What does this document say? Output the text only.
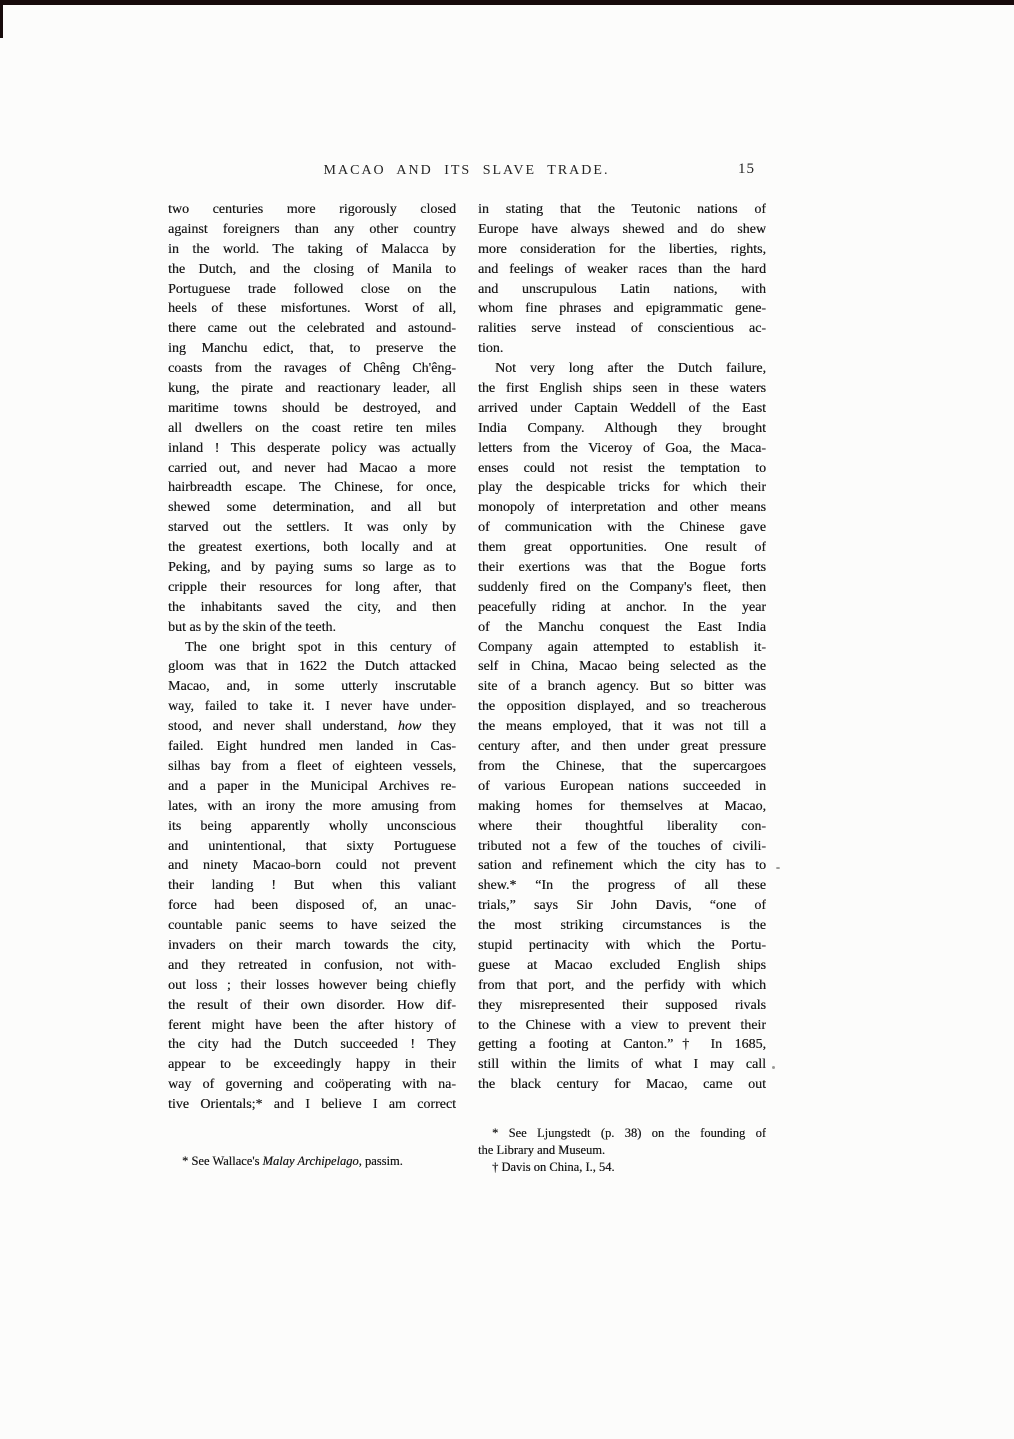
MACAO AND ITS SLAVE TRADE.	15
two centuries more rigorously closed
against foreigners than any other country
in the world. The taking of Malacca by
the Dutch, and the closing of Manila to
Portuguese trade followed close on the
heels of these misfortunes. Worst of all,
there came out the celebrated and astound-
ing Manchu edict, that, to preserve the
coasts from the ravages of Chêng Ch'êng-
kung, the pirate and reactionary leader, all
maritime towns should be destroyed, and
all dwellers on the coast retire ten miles
inland ! This desperate policy was actually
carried out, and never had Macao a more
hairbreadth escape. The Chinese, for once,
shewed some determination, and all but
starved out the settlers. It was only by
the greatest exertions, both locally and at
Peking, and by paying sums so large as to
cripple their resources for long after, that
the inhabitants saved the city, and then
but as by the skin of the teeth.
The one bright spot in this century of
gloom was that in 1622 the Dutch attacked
Macao, and, in some utterly inscrutable
way, failed to take it. I never have under-
stood, and never shall understand, how they
failed. Eight hundred men landed in Cas-
silhas bay from a fleet of eighteen vessels,
and a paper in the Municipal Archives re-
lates, with an irony the more amusing from
its being apparently wholly unconscious
and unintentional, that sixty Portuguese
and ninety Macao-born could not prevent
their landing ! But when this valiant
force had been disposed of, an unac-
countable panic seems to have seized the
invaders on their march towards the city,
and they retreated in confusion, not with-
out loss ; their losses however being chiefly
the result of their own disorder. How dif-
ferent might have been the after history of
the city had the Dutch succeeded ! They
appear to be exceedingly happy in their
way of governing and coöperating with na-
tive Orientals;* and I believe I am correct
* See Wallace's Malay Archipelago, passim.
in stating that the Teutonic nations of
Europe have always shewed and do shew
more consideration for the liberties, rights,
and feelings of weaker races than the hard
and unscrupulous Latin nations, with
whom fine phrases and epigrammatic gene-
ralities serve instead of conscientious ac-
tion.
Not very long after the Dutch failure,
the first English ships seen in these waters
arrived under Captain Weddell of the East
India Company. Although they brought
letters from the Viceroy of Goa, the Maca-
enses could not resist the temptation to
play the despicable tricks for which their
monopoly of interpretation and other means
of communication with the Chinese gave
them great opportunities. One result of
their exertions was that the Bogue forts
suddenly fired on the Company's fleet, then
peacefully riding at anchor. In the year
of the Manchu conquest the East India
Company again attempted to establish it-
self in China, Macao being selected as the
site of a branch agency. But so bitter was
the opposition displayed, and so treacherous
the means employed, that it was not till a
century after, and then under great pressure
from the Chinese, that the supercargoes
of various European nations succeeded in
making homes for themselves at Macao,
where their thoughtful liberality con-
tributed not a few of the touches of civili-
sation and refinement which the city has to
shew.* “In the progress of all these
trials,” says Sir John Davis, “one of
the most striking circumstances is the
stupid pertinacity with which the Portu-
guese at Macao excluded English ships
from that port, and the perfidy with which
they misrepresented their supposed rivals
to the Chinese with a view to prevent their
getting a footing at Canton.”† In 1685,
still within the limits of what I may call
the black century for Macao, came out
* See Ljungstedt (p. 38) on the founding of
the Library and Museum.
† Davis on China, I., 54.
